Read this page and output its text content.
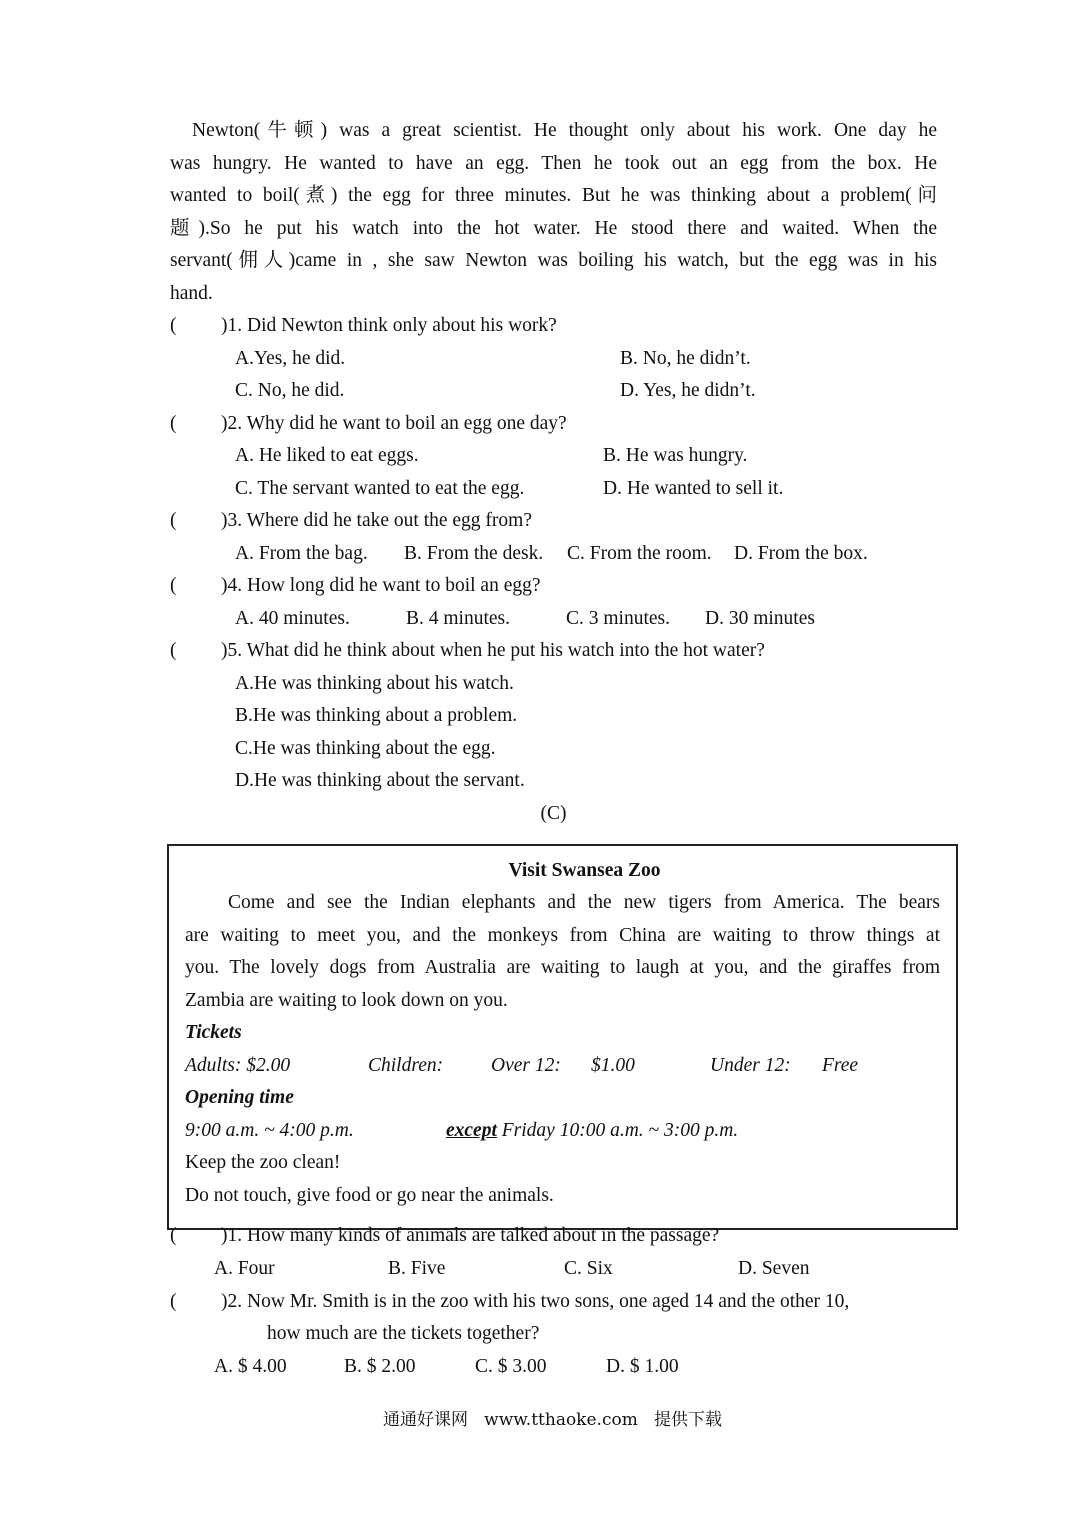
Newton(牛顿) was a great scientist. He thought only about his work. One day he
was hungry. He wanted to have an egg. Then he took out an egg from the box. He
wanted to boil(煮) the egg for three minutes. But he was thinking about a problem(问
题).So he put his watch into the hot water. He stood there and waited. When the
servant(佣人)came in , she saw Newton was boiling his watch, but the egg was in his
hand.
( )1. Did Newton think only about his work?
A.Yes, he did.	B. No, he didn’t.
C. No, he did.	D. Yes, he didn’t.
( )2. Why did he want to boil an egg one day?
A. He liked to eat eggs.	B. He was hungry.
C. The servant wanted to eat the egg.	D. He wanted to sell it.
( )3. Where did he take out the egg from?
A. From the bag. B. From the desk. C. From the room. D. From the box.
( )4. How long did he want to boil an egg?
A. 40 minutes.	B. 4 minutes.	C. 3 minutes. D. 30 minutes
( )5. What did he think about when he put his watch into the hot water?
A.He was thinking about his watch.
B.He was thinking about a problem.
C.He was thinking about the egg.
D.He was thinking about the servant.
(C)
Visit Swansea Zoo
Come and see the Indian elephants and the new tigers from America. The bears
are waiting to meet you, and the monkeys from China are waiting to throw things at
you. The lovely dogs from Australia are waiting to laugh at you, and the giraffes from
Zambia are waiting to look down on you.
Tickets
Adults: $2.00	Children: Over 12: $1.00	Under 12: Free
Opening time
9:00 a.m. ~ 4:00 p.m.	except Friday 10:00 a.m. ~ 3:00 p.m.
Keep the zoo clean!
Do not touch, give food or go near the animals.
( )1. How many kinds of animals are talked about in the passage?
A. Four	B. Five	C. Six	D. Seven
( )2. Now Mr. Smith is in the zoo with his two sons, one aged 14 and the other 10,
how much are the tickets together?
A. $ 4.00	B. $ 2.00	C. $ 3.00	D. $ 1.00
通通好课网   www.tthaoke.com   提供下载
